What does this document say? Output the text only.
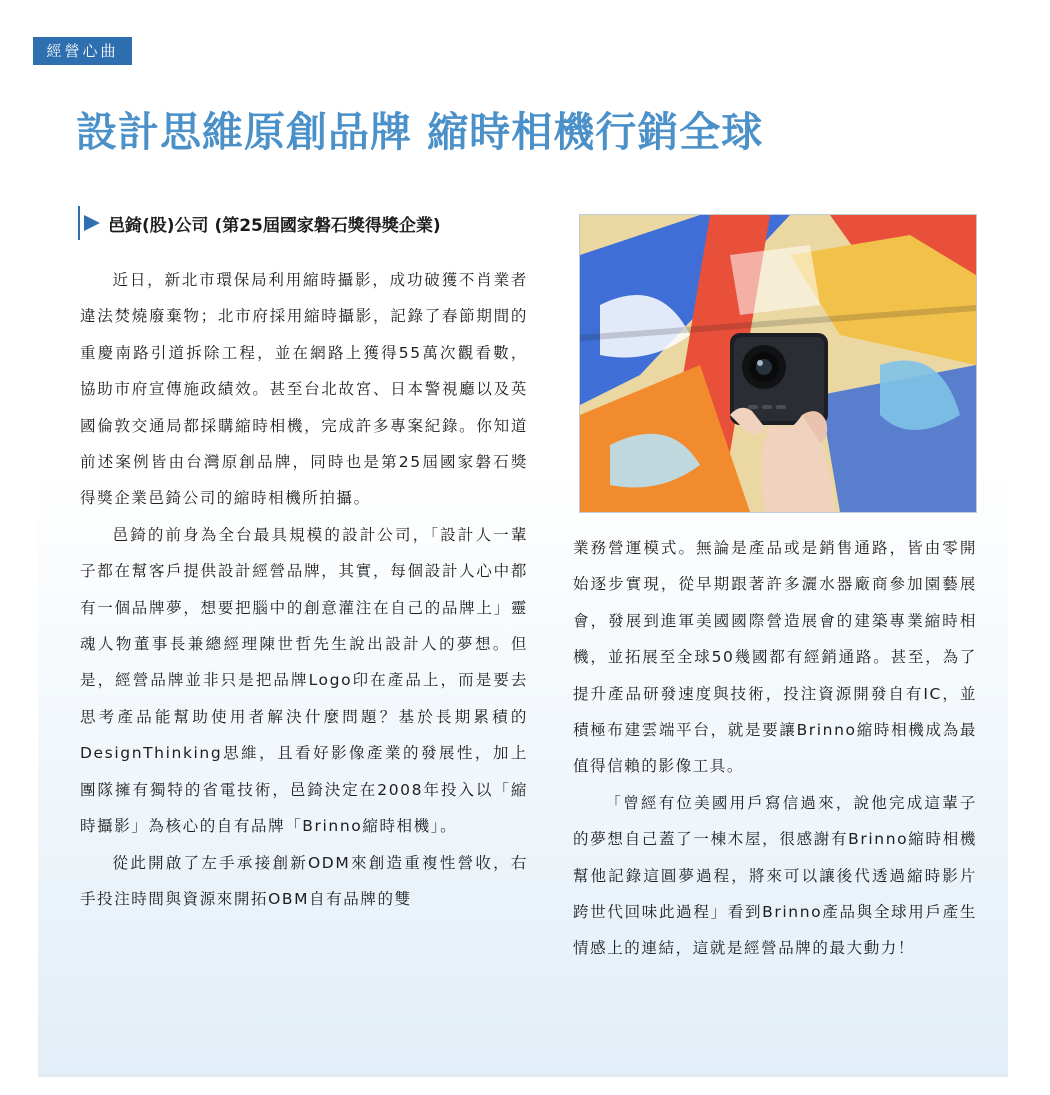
經營心曲
設計思維原創品牌 縮時相機行銷全球
邑錡(股)公司 (第25屆國家磐石獎得獎企業)

近日，新北市環保局利用縮時攝影，成功破獲不肖業者違法焚燒廢棄物；北市府採用縮時攝影，記錄了春節期間的重慶南路引道拆除工程，並在網路上獲得55萬次觀看數，協助市府宣傳施政績效。甚至台北故宮、日本警視廳以及英國倫敦交通局都採購縮時相機，完成許多專案紀錄。你知道前述案例皆由台灣原創品牌，同時也是第25屆國家磐石獎得獎企業邑錡公司的縮時相機所拍攝。

邑錡的前身為全台最具規模的設計公司，「設計人一輩子都在幫客戶提供設計經營品牌，其實，每個設計人心中都有一個品牌夢，想要把腦中的創意灌注在自己的品牌上」靈魂人物董事長兼總經理陳世哲先生說出設計人的夢想。但是，經營品牌並非只是把品牌Logo印在產品上，而是要去思考產品能幫助使用者解決什麼問題？基於長期累積的DesignThinking思維，且看好影像產業的發展性，加上團隊擁有獨特的省電技術，邑錡決定在2008年投入以「縮時攝影」為核心的自有品牌「Brinno縮時相機」。

從此開啟了左手承接創新ODM來創造重複性營收，右手投注時間與資源來開拓OBM自有品牌的雙

業務營運模式。無論是產品或是銷售通路，皆由零開始逐步實現，從早期跟著許多灑水器廠商參加園藝展會，發展到進軍美國國際營造展會的建築專業縮時相機，並拓展至全球50幾國都有經銷通路。甚至，為了提升產品研發速度與技術，投注資源開發自有IC，並積極布建雲端平台，就是要讓Brinno縮時相機成為最值得信賴的影像工具。

「曾經有位美國用戶寫信過來，說他完成這輩子的夢想自己蓋了一棟木屋，很感謝有Brinno縮時相機幫他記錄這圓夢過程，將來可以讓後代透過縮時影片跨世代回味此過程」看到Brinno產品與全球用戶產生情感上的連結，這就是經營品牌的最大動力！
